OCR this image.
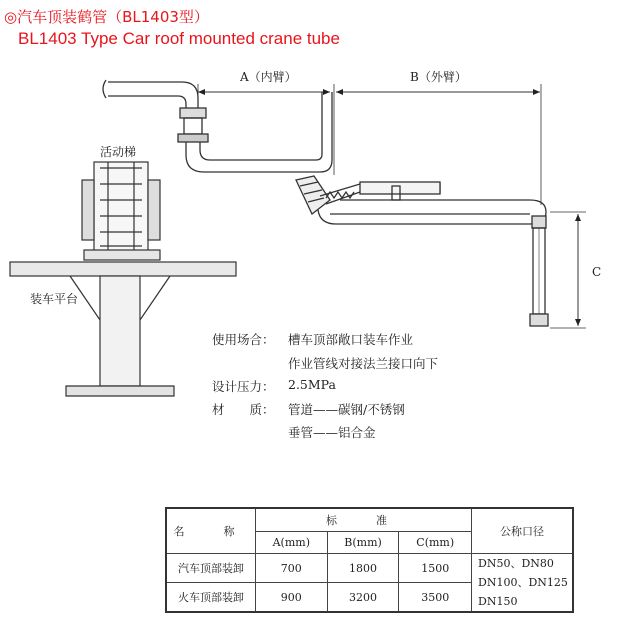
◎汽车顶装鹤管（BL1403型）
BL1403 Type Car roof mounted crane tube
A（内臂）	B（外臂）
C
活动梯
装车平台
使用场合： 槽车顶部敞口装车作业
作业管线对接法兰接口向下
设计压力： 2.5MPa
材　　质： 管道——碳钢/不锈钢
垂管——铝合金
名　称	标　准			公称口径
	A(mm)	B(mm)	C(mm)	
汽车顶部装卸	700	1800	1500	DN50、DN80
DN100、DN125
DN150

火车顶部装卸	900	3200	3500	
